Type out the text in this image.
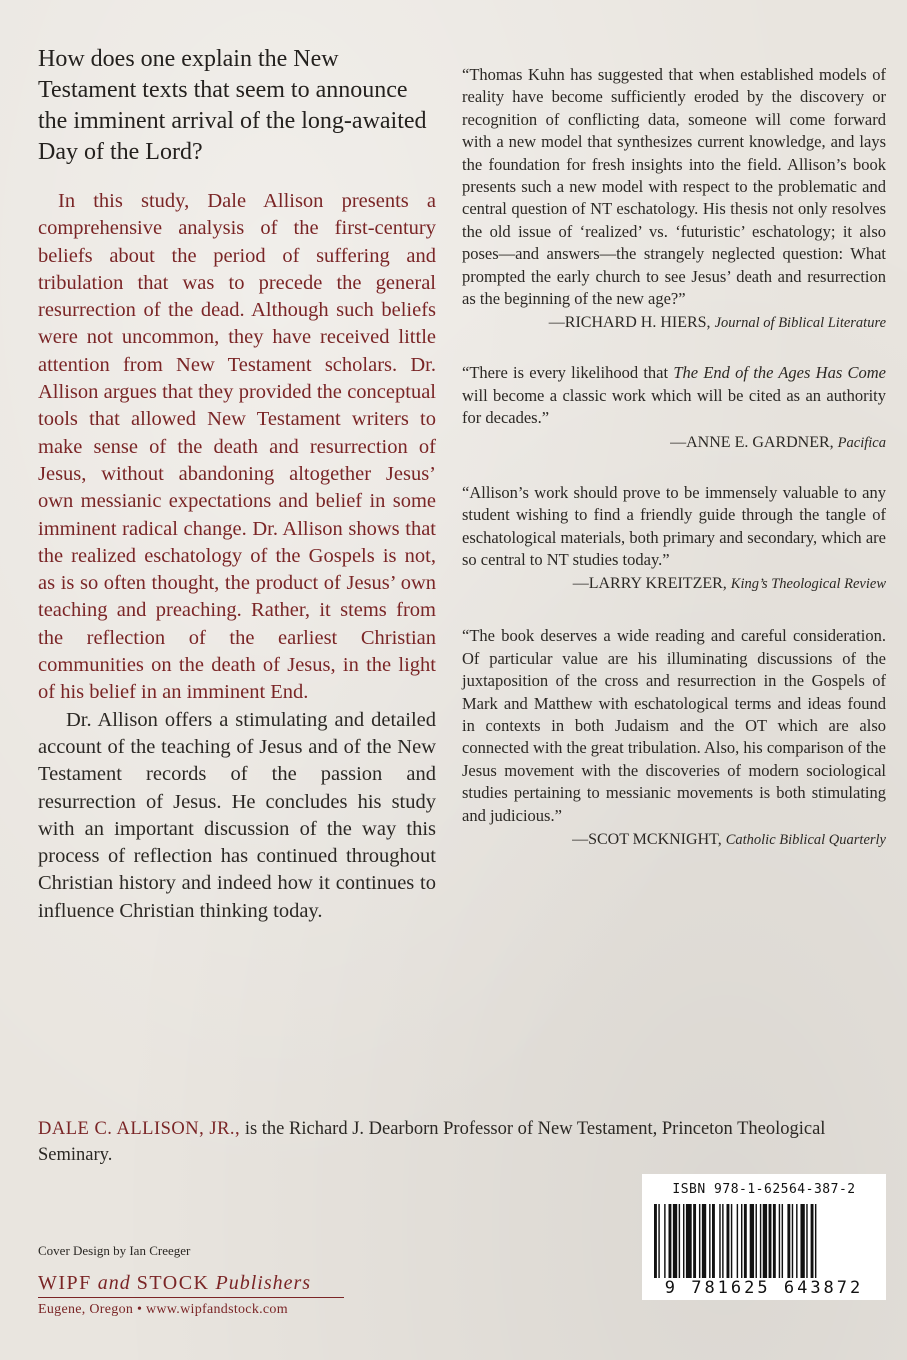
How does one explain the New Testament texts that seem to announce the imminent arrival of the long-awaited Day of the Lord?

In this study, Dale Allison presents a comprehensive analysis of the first-century beliefs about the period of suffering and tribulation that was to precede the general resurrection of the dead. Although such beliefs were not uncommon, they have received little attention from New Testament scholars. Dr. Allison argues that they provided the conceptual tools that allowed New Testament writers to make sense of the death and resurrection of Jesus, without abandoning altogether Jesus’ own messianic expectations and belief in some imminent radical change. Dr. Allison shows that the realized eschatology of the Gospels is not, as is so often thought, the product of Jesus’ own teaching and preaching. Rather, it stems from the reflection of the earliest Christian communities on the death of Jesus, in the light of his belief in an imminent End.

Dr. Allison offers a stimulating and detailed account of the teaching of Jesus and of the New Testament records of the passion and resurrection of Jesus. He concludes his study with an important discussion of the way this process of reflection has continued throughout Christian history and indeed how it continues to influence Christian thinking today.

“Thomas Kuhn has suggested that when established models of reality have become sufficiently eroded by the discovery or recognition of conflicting data, someone will come forward with a new model that synthesizes current knowledge, and lays the foundation for fresh insights into the field. Allison’s book presents such a new model with respect to the problematic and central question of NT eschatology. His thesis not only resolves the old issue of ‘realized’ vs. ‘futuristic’ eschatology; it also poses—and answers—the strangely neglected question: What prompted the early church to see Jesus’ death and resurrection as the beginning of the new age?”

—RICHARD H. HIERS, Journal of Biblical Literature

“There is every likelihood that The End of the Ages Has Come will become a classic work which will be cited as an authority for decades.”

—ANNE E. GARDNER, Pacifica

“Allison’s work should prove to be immensely valuable to any student wishing to find a friendly guide through the tangle of eschatological materials, both primary and secondary, which are so central to NT studies today.”

—LARRY KREITZER, King’s Theological Review

“The book deserves a wide reading and careful consideration. Of particular value are his illuminating discussions of the juxtaposition of the cross and resurrection in the Gospels of Mark and Matthew with eschatological terms and ideas found in contexts in both Judaism and the OT which are also connected with the great tribulation. Also, his comparison of the Jesus movement with the discoveries of modern sociological studies pertaining to messianic movements is both stimulating and judicious.”

—SCOT MCKNIGHT, Catholic Biblical Quarterly

DALE C. ALLISON, JR., is the Richard J. Dearborn Professor of New Testament, Princeton Theological Seminary.
Cover Design by Ian Creeger
WIPF and STOCK Publishers
Eugene, Oregon • www.wipfandstock.com
ISBN 978-1-62564-387-2
9 781625 643872
